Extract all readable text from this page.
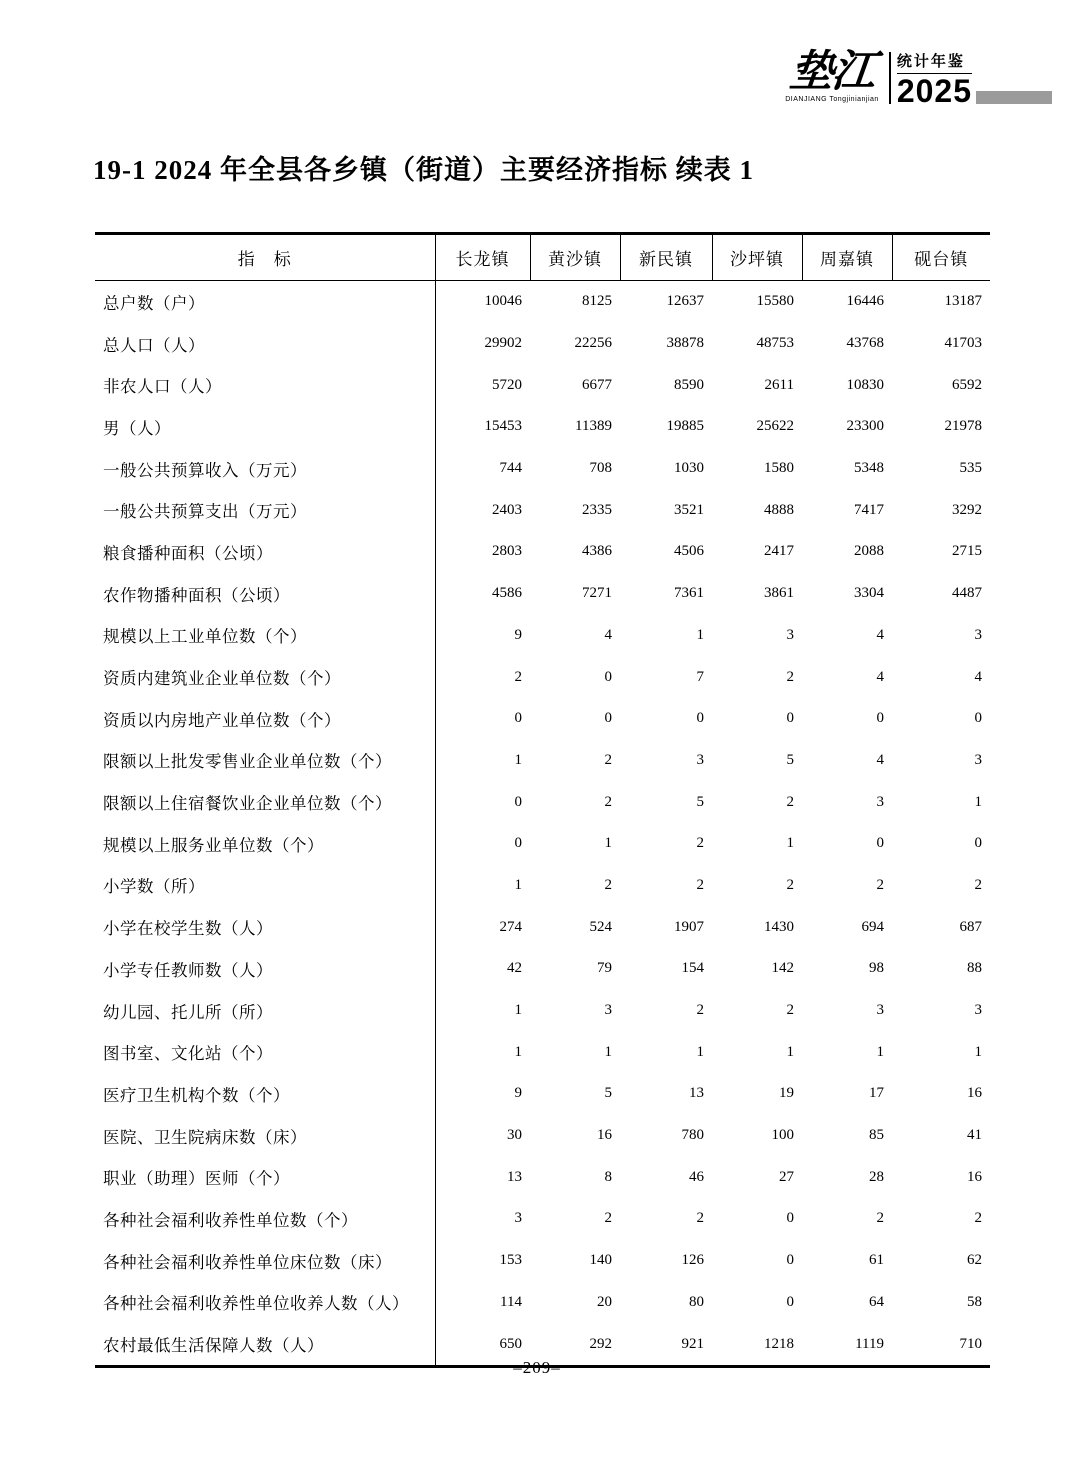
垫江
DIANJIANG Tongjinianjian
统计年鉴
2025
19-1 2024 年全县各乡镇（街道）主要经济指标 续表 1
指　标	长龙镇	黄沙镇	新民镇	沙坪镇	周嘉镇	砚台镇
总户数（户）	10046	8125	12637	15580	16446	13187
总人口（人）	29902	22256	38878	48753	43768	41703
非农人口（人）	5720	6677	8590	2611	10830	6592
男（人）	15453	11389	19885	25622	23300	21978
一般公共预算收入（万元）	744	708	1030	1580	5348	535
一般公共预算支出（万元）	2403	2335	3521	4888	7417	3292
粮食播种面积（公顷）	2803	4386	4506	2417	2088	2715
农作物播种面积（公顷）	4586	7271	7361	3861	3304	4487
规模以上工业单位数（个）	9	4	1	3	4	3
资质内建筑业企业单位数（个）	2	0	7	2	4	4
资质以内房地产业单位数（个）	0	0	0	0	0	0
限额以上批发零售业企业单位数（个）	1	2	3	5	4	3
限额以上住宿餐饮业企业单位数（个）	0	2	5	2	3	1
规模以上服务业单位数（个）	0	1	2	1	0	0
小学数（所）	1	2	2	2	2	2
小学在校学生数（人）	274	524	1907	1430	694	687
小学专任教师数（人）	42	79	154	142	98	88
幼儿园、托儿所（所）	1	3	2	2	3	3
图书室、文化站（个）	1	1	1	1	1	1
医疗卫生机构个数（个）	9	5	13	19	17	16
医院、卫生院病床数（床）	30	16	780	100	85	41
职业（助理）医师（个）	13	8	46	27	28	16
各种社会福利收养性单位数（个）	3	2	2	0	2	2
各种社会福利收养性单位床位数（床）	153	140	126	0	61	62
各种社会福利收养性单位收养人数（人）	114	20	80	0	64	58
农村最低生活保障人数（人）	650	292	921	1218	1119	710
–209–
